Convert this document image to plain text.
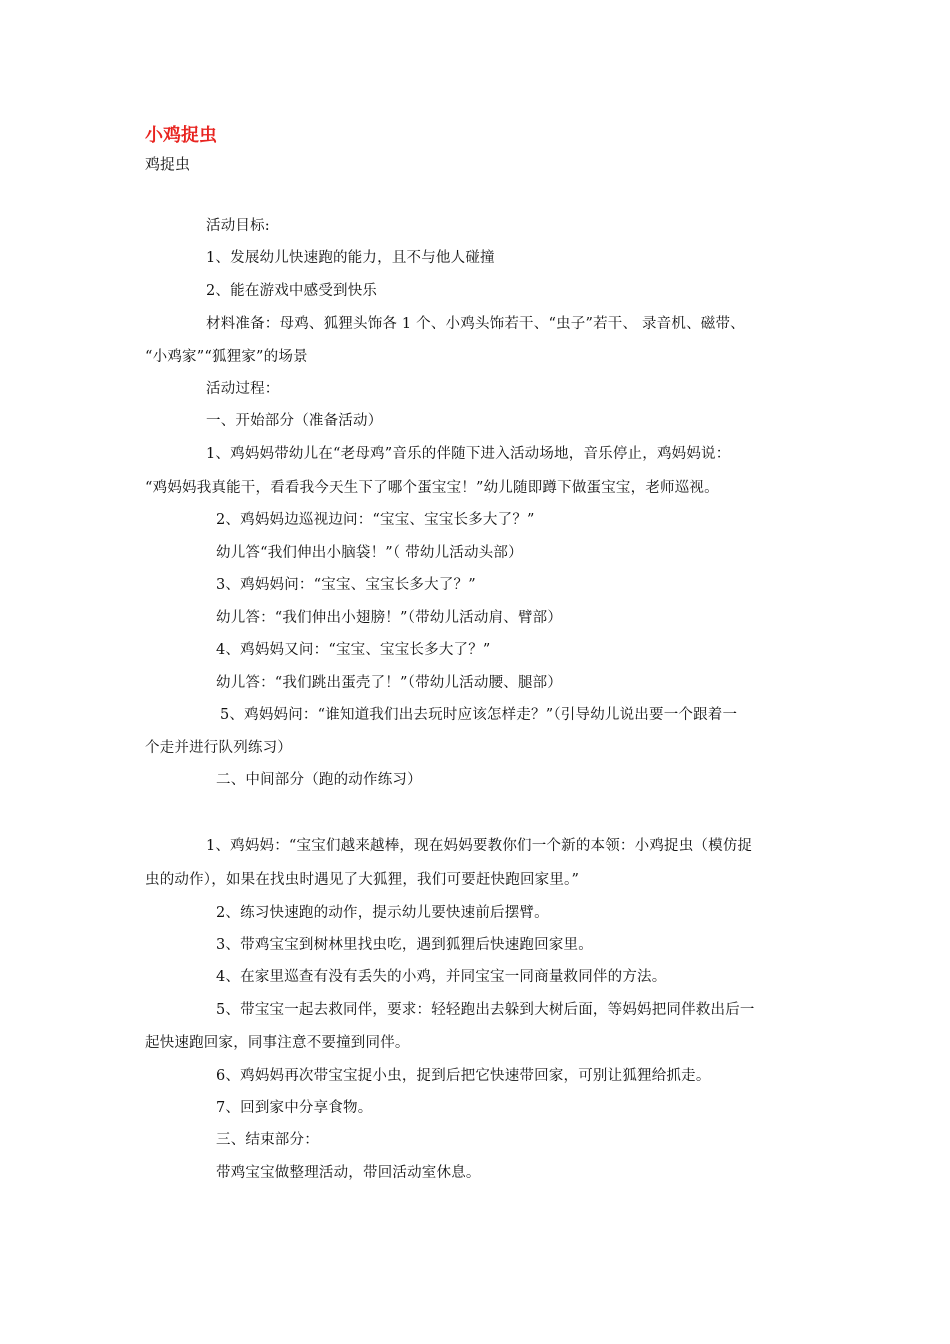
小鸡捉虫
鸡捉虫
活动目标:
1、发展幼儿快速跑的能力，且不与他人碰撞
2、能在游戏中感受到快乐
材料准备：母鸡、狐狸头饰各 1 个、小鸡头饰若干、“虫子”若干、 录音机、磁带、
“小鸡家”“狐狸家”的场景
活动过程：
一、开始部分（准备活动）
1、鸡妈妈带幼儿在“老母鸡”音乐的伴随下进入活动场地，音乐停止，鸡妈妈说：
“鸡妈妈我真能干，看看我今天生下了哪个蛋宝宝！”幼儿随即蹲下做蛋宝宝，老师巡视。
2、鸡妈妈边巡视边问：“宝宝、宝宝长多大了？”
幼儿答“我们伸出小脑袋！”（ 带幼儿活动头部）
3、鸡妈妈问：“宝宝、宝宝长多大了？”
幼儿答：“我们伸出小翅膀！”（带幼儿活动肩、臂部）
4、鸡妈妈又问：“宝宝、宝宝长多大了？”
幼儿答：“我们跳出蛋壳了！”（带幼儿活动腰、腿部）
5、鸡妈妈问：“谁知道我们出去玩时应该怎样走？”（引导幼儿说出要一个跟着一
个走并进行队列练习）
二、中间部分（跑的动作练习）
1、鸡妈妈：“宝宝们越来越棒，现在妈妈要教你们一个新的本领：小鸡捉虫（模仿捉
虫的动作），如果在找虫时遇见了大狐狸，我们可要赶快跑回家里。”
2、练习快速跑的动作，提示幼儿要快速前后摆臂。
3、带鸡宝宝到树林里找虫吃，遇到狐狸后快速跑回家里。
4、在家里巡查有没有丢失的小鸡，并同宝宝一同商量救同伴的方法。
5、带宝宝一起去救同伴，要求：轻轻跑出去躲到大树后面，等妈妈把同伴救出后一
起快速跑回家，同事注意不要撞到同伴。
6、鸡妈妈再次带宝宝捉小虫，捉到后把它快速带回家，可别让狐狸给抓走。
7、回到家中分享食物。
三、结束部分：
带鸡宝宝做整理活动，带回活动室休息。
